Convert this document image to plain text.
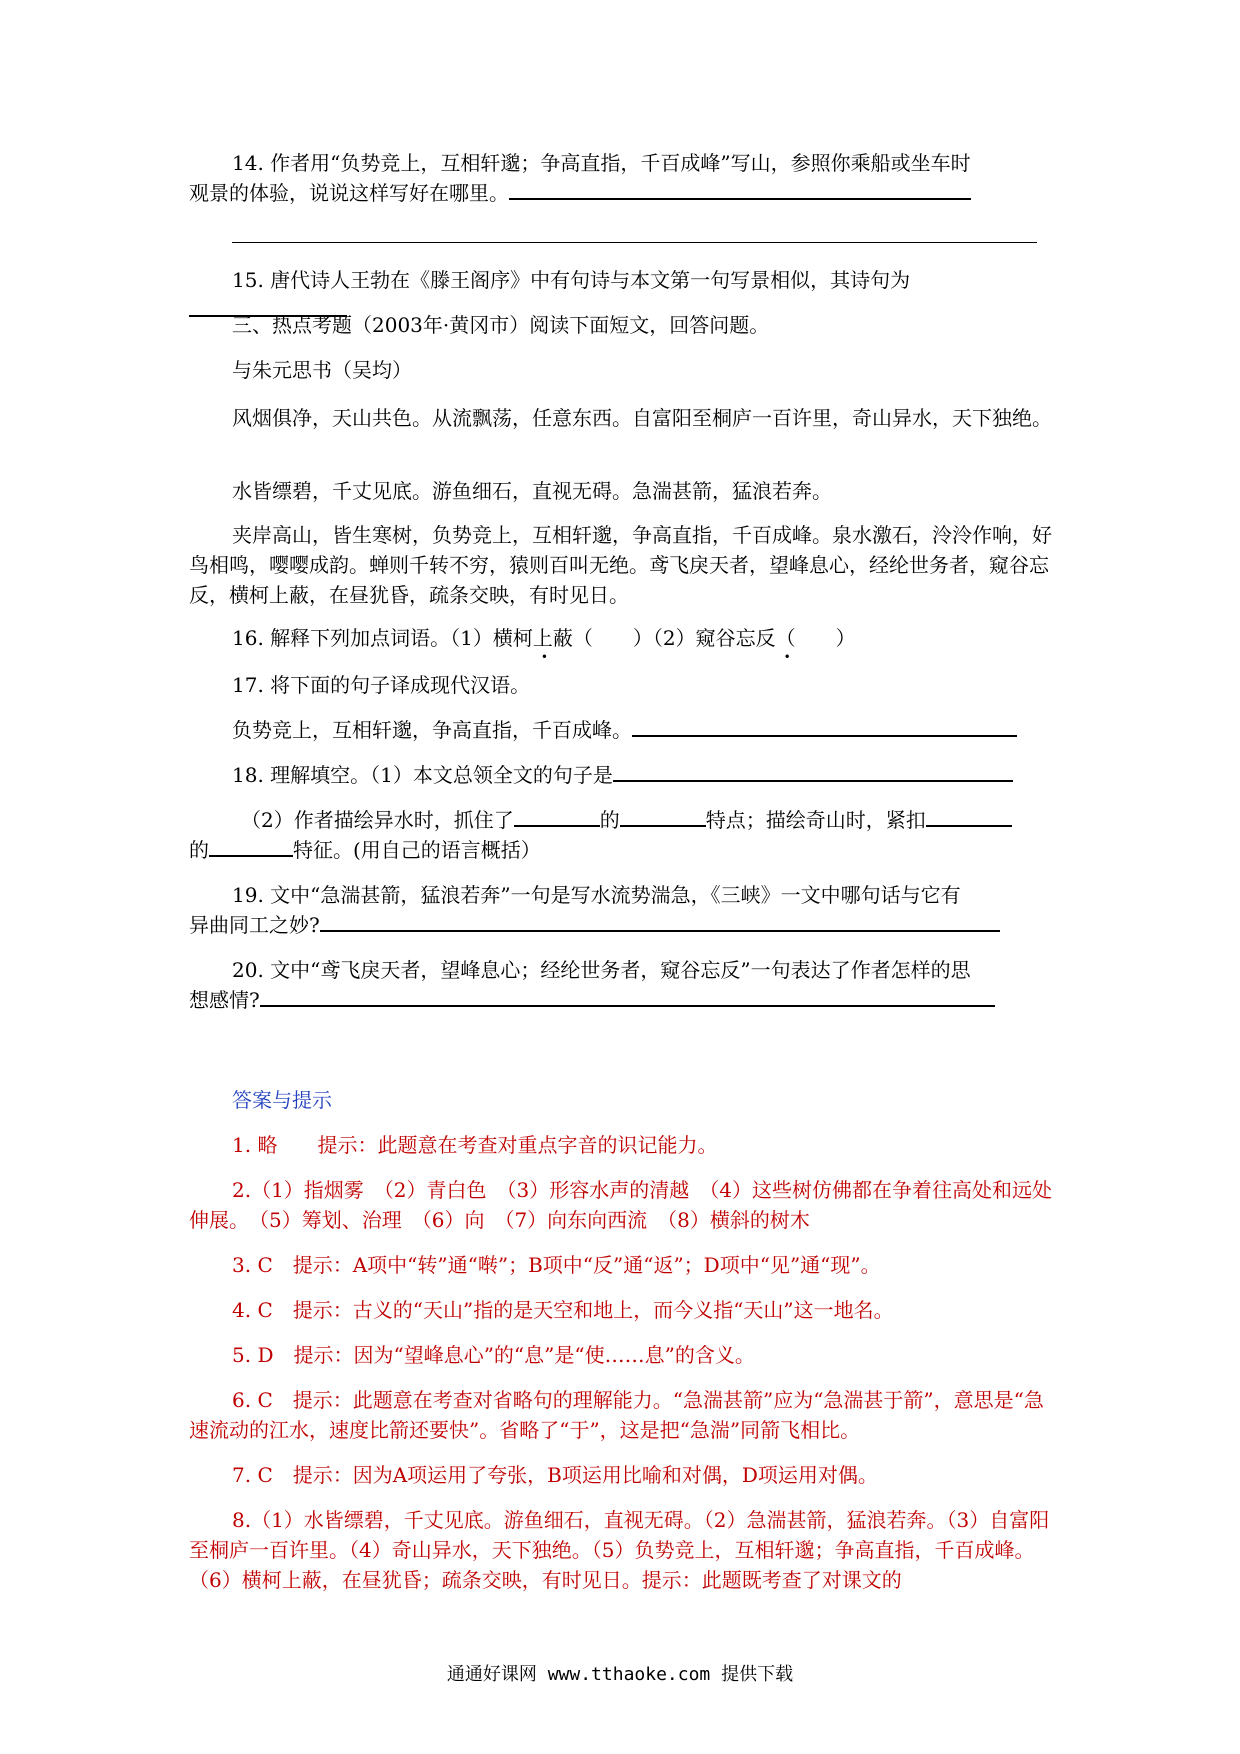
14. 作者用“负势竞上，互相轩邈；争高直指，千百成峰”写山，参照你乘船或坐车时
观景的体验，说说这样写好在哪里。
15. 唐代诗人王勃在《滕王阁序》中有句诗与本文第一句写景相似，其诗句为
三、热点考题（2003年·黄冈市）阅读下面短文，回答问题。
与朱元思书（吴均）
风烟俱净，天山共色。从流飘荡，任意东西。自富阳至桐庐一百许里，奇山异水，天下独绝。
水皆缥碧，千丈见底。游鱼细石，直视无碍。急湍甚箭，猛浪若奔。
夹岸高山，皆生寒树，负势竞上，互相轩邈，争高直指，千百成峰。泉水激石，泠泠作响，好鸟相鸣，嘤嘤成韵。蝉则千转不穷，猿则百叫无绝。鸢飞戾天者，望峰息心，经纶世务者，窥谷忘反，横柯上蔽，在昼犹昏，疏条交映，有时见日。
16. 解释下列加点词语。（1）横柯上蔽（　　）（2）窥谷忘反（　　）
17. 将下面的句子译成现代汉语。
负势竞上，互相轩邈，争高直指，千百成峰。
18. 理解填空。（1）本文总领全文的句子是
（2）作者描绘异水时，抓住了	的	特点；描绘奇山时，紧扣
的	特征。(用自己的语言概括）
19. 文中“急湍甚箭，猛浪若奔”一句是写水流势湍急，《三峡》一文中哪句话与它有
异曲同工之妙?
20. 文中“鸢飞戾天者，望峰息心；经纶世务者，窥谷忘反”一句表达了作者怎样的思
想感情?
答案与提示
1. 略　　提示：此题意在考查对重点字音的识记能力。
2.（1）指烟雾　（2）青白色　（3）形容水声的清越　（4）这些树仿佛都在争着往高处和远处伸展。　（5）筹划、治理　（6）向　（7）向东向西流　（8）横斜的树木
3. C　提示：A项中“转”通“啭”；B项中“反”通“返”；D项中“见”通“现”。
4. C　提示：古义的“天山”指的是天空和地上，而今义指“天山”这一地名。
5. D　提示：因为“望峰息心”的“息”是“使……息”的含义。
6. C　提示：此题意在考查对省略句的理解能力。“急湍甚箭”应为“急湍甚于箭”，意思是“急速流动的江水，速度比箭还要快”。省略了“于”，这是把“急湍”同箭飞相比。
7. C　提示：因为A项运用了夸张，B项运用比喻和对偶，D项运用对偶。
8.（1）水皆缥碧，千丈见底。游鱼细石，直视无碍。（2）急湍甚箭，猛浪若奔。（3）自富阳至桐庐一百许里。（4）奇山异水，天下独绝。（5）负势竞上，互相轩邈；争高直指，千百成峰。（6）横柯上蔽，在昼犹昏；疏条交映，有时见日。提示：此题既考查了对课文的
通通好课网 www.tthaoke.com 提供下载
